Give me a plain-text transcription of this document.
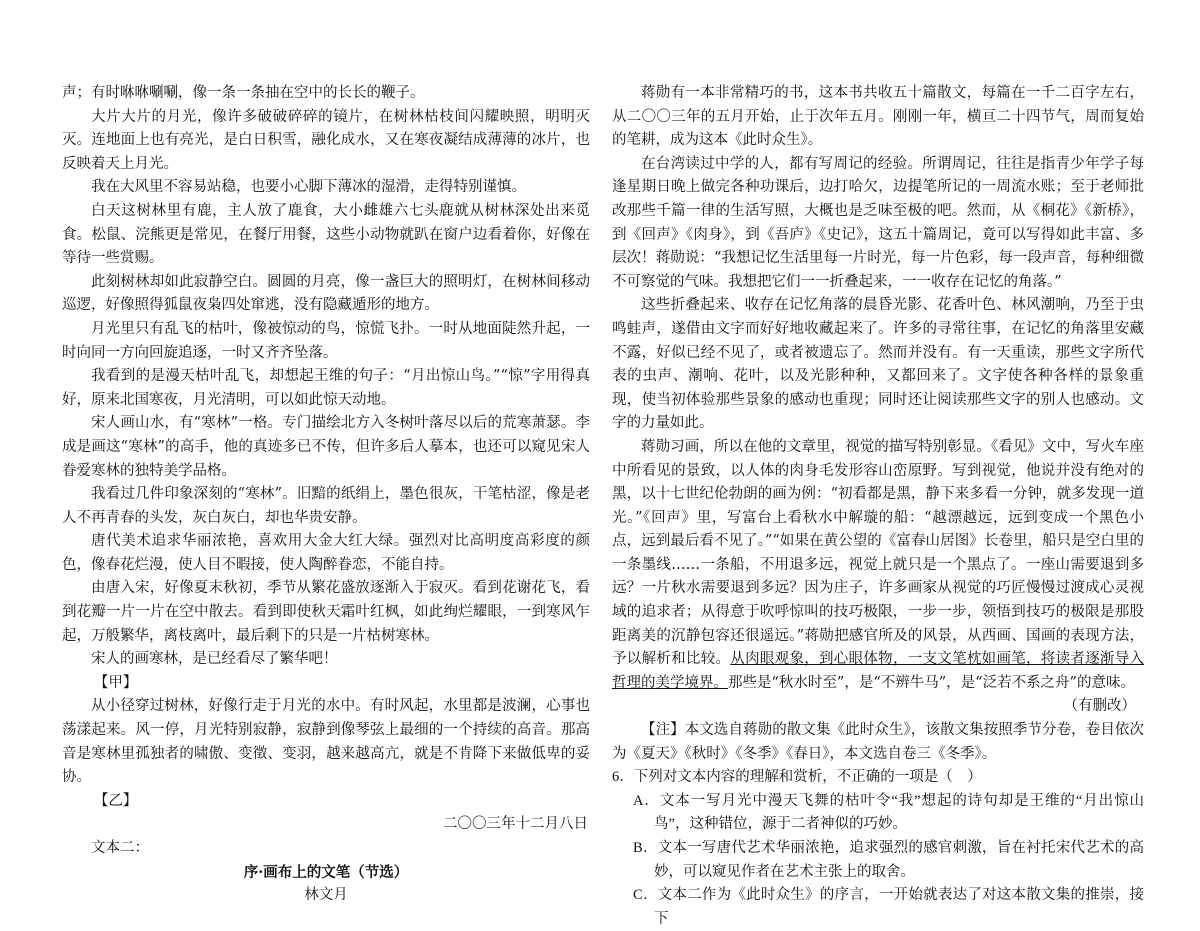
声；有时咻咻唰唰，像一条一条抽在空中的长长的鞭子。

大片大片的月光，像许多破破碎碎的镜片，在树林枯枝间闪耀映照，明明灭灭。连地面上也有亮光，是白日积雪，融化成水，又在寒夜凝结成薄薄的冰片，也反映着天上月光。

我在大风里不容易站稳，也要小心脚下薄冰的湿滑，走得特别谨慎。

白天这树林里有鹿，主人放了鹿食，大小雌雄六七头鹿就从树林深处出来觅食。松鼠、浣熊更是常见，在餐厅用餐，这些小动物就趴在窗户边看着你，好像在等待一些赏赐。

此刻树林却如此寂静空白。圆圆的月亮，像一盏巨大的照明灯，在树林间移动巡逻，好像照得狐鼠夜枭四处窜逃，没有隐藏遁形的地方。

月光里只有乱飞的枯叶，像被惊动的鸟，惊慌飞扑。一时从地面陡然升起，一时向同一方向回旋追逐，一时又齐齐坠落。

我看到的是漫天枯叶乱飞，却想起王维的句子：“月出惊山鸟。”“惊”字用得真好，原来北国寒夜，月光清明，可以如此惊天动地。

宋人画山水，有“寒林”一格。专门描绘北方入冬树叶落尽以后的荒寒萧瑟。李成是画这“寒林”的高手，他的真迹多已不传，但许多后人摹本，也还可以窥见宋人眷爱寒林的独特美学品格。

我看过几件印象深刻的“寒林”。旧黯的纸绢上，墨色很灰，干笔枯涩，像是老人不再青春的头发，灰白灰白，却也华贵安静。

唐代美术追求华丽浓艳，喜欢用大金大红大绿。强烈对比高明度高彩度的颜色，像春花烂漫，使人目不暇接，使人陶醉眷恋，不能自持。

由唐入宋，好像夏末秋初，季节从繁花盛放逐渐入于寂灭。看到花谢花飞，看到花瓣一片一片在空中散去。看到即使秋天霜叶红枫，如此绚烂耀眼，一到寒风乍起，万般繁华，离枝离叶，最后剩下的只是一片枯树寒林。

宋人的画寒林，是已经看尽了繁华吧！

【甲】

从小径穿过树林，好像行走于月光的水中。有时风起，水里都是波澜，心事也荡漾起来。风一停，月光特别寂静，寂静到像琴弦上最细的一个持续的高音。那高音是寒林里孤独者的啸傲、变徵、变羽，越来越高亢，就是不肯降下来做低卑的妥协。

【乙】

二〇〇三年十二月八日

文本二：

序·画布上的文笔（节选）

林文月

蒋勋有一本非常精巧的书，这本书共收五十篇散文，每篇在一千二百字左右，从二〇〇三年的五月开始，止于次年五月。刚刚一年，横亘二十四节气，周而复始的笔耕，成为这本《此时众生》。

在台湾读过中学的人，都有写周记的经验。所谓周记，往往是指青少年学子每逢星期日晚上做完各种功课后，边打哈欠，边提笔所记的一周流水账；至于老师批改那些千篇一律的生活写照，大概也是乏味至极的吧。然而，从《桐花》《新桥》，到《回声》《肉身》，到《吾庐》《史记》，这五十篇周记，竟可以写得如此丰富、多层次！蒋勋说：“我想记忆生活里每一片时光，每一片色彩，每一段声音，每种细微不可察觉的气味。我想把它们一一折叠起来，一一收存在记忆的角落。”

这些折叠起来、收存在记忆角落的晨昏光影、花香叶色、林风潮响，乃至于虫鸣蛙声，遂借由文字而好好地收藏起来了。许多的寻常往事，在记忆的角落里安藏不露，好似已经不见了，或者被遗忘了。然而并没有。有一天重读，那些文字所代表的虫声、潮响、花叶，以及光影种种，又都回来了。文字使各种各样的景象重现，使当初体验那些景象的感动也重现；同时还让阅读那些文字的别人也感动。文字的力量如此。

蒋勋习画，所以在他的文章里，视觉的描写特别彰显。《看见》文中，写火车座中所看见的景致，以人体的肉身毛发形容山峦原野。写到视觉，他说并没有绝对的黑，以十七世纪伦勃朗的画为例：“初看都是黑，静下来多看一分钟，就多发现一道光。”《回声》里，写富台上看秋水中解璇的船：“越漂越远，远到变成一个黑色小点，远到最后看不见了。”“如果在黄公望的《富春山居图》长卷里，船只是空白里的一条墨线……一条船，不用退多远，视觉上就只是一个黑点了。一座山需要退到多远？一片秋水需要退到多远？因为庄子，许多画家从视觉的巧匠慢慢过渡成心灵视域的追求者；从得意于吹呼惊叫的技巧极限，一步一步，领悟到技巧的极限是那股距离美的沉静包容还很遥远。”蒋勋把感官所及的风景，从西画、国画的表现方法，予以解析和比较。从肉眼观象，到心眼体物，一支文笔枕如画笔，将读者逐渐导入哲理的美学境界。那些是“秋水时至”，是“不辨牛马”，是“泛若不系之舟”的意味。

（有删改）

【注】本文选自蒋勋的散文集《此时众生》，该散文集按照季节分卷，卷目依次为《夏天》《秋时》《冬季》《春日》，本文选自卷三《冬季》。

6．下列对文本内容的理解和赏析，不正确的一项是（　）

A．文本一写月光中漫天飞舞的枯叶令“我”想起的诗句却是王维的“月出惊山鸟”，这种错位，源于二者神似的巧妙。

B．文本一写唐代艺术华丽浓艳，追求强烈的感官刺激，旨在衬托宋代艺术的高妙，可以窥见作者在艺术主张上的取舍。

C．文本二作为《此时众生》的序言，一开始就表达了对这本散文集的推崇，接下
